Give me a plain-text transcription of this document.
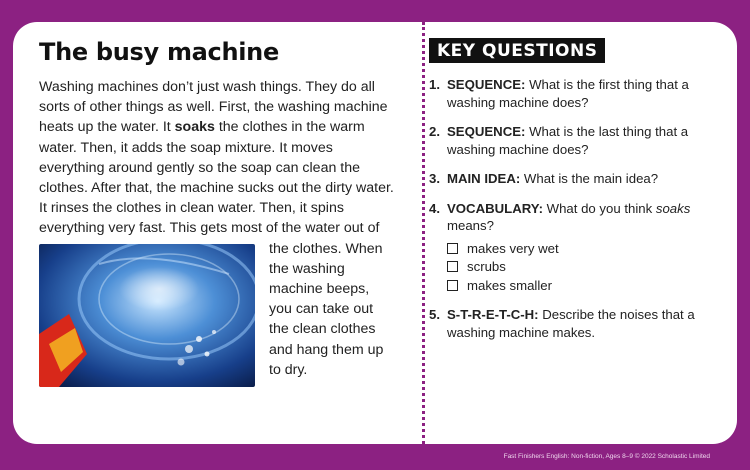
The busy machine
Washing machines don’t just wash things. They do all sorts of other things as well. First, the washing machine heats up the water. It soaks the clothes in the warm water. Then, it adds the soap mixture. It moves everything around gently so the soap can clean the clothes. After that, the machine sucks out the dirty water. It rinses the clothes in clean water. Then, it spins everything very fast. This gets most of the water out of the
clothes. When the washing machine beeps, you can take out the clean clothes and hang them up to dry.
KEY QUESTIONS
1. SEQUENCE: What is the first thing that a washing machine does?
2. SEQUENCE: What is the last thing that a washing machine does?
3. MAIN IDEA: What is the main idea?
4. VOCABULARY: What do you think soaks means?
makes very wet
scrubs
makes smaller
5. S-T-R-E-T-C-H: Describe the noises that a washing machine makes.
Fast Finishers English: Non-fiction, Ages 8–9 © 2022 Scholastic Limited
